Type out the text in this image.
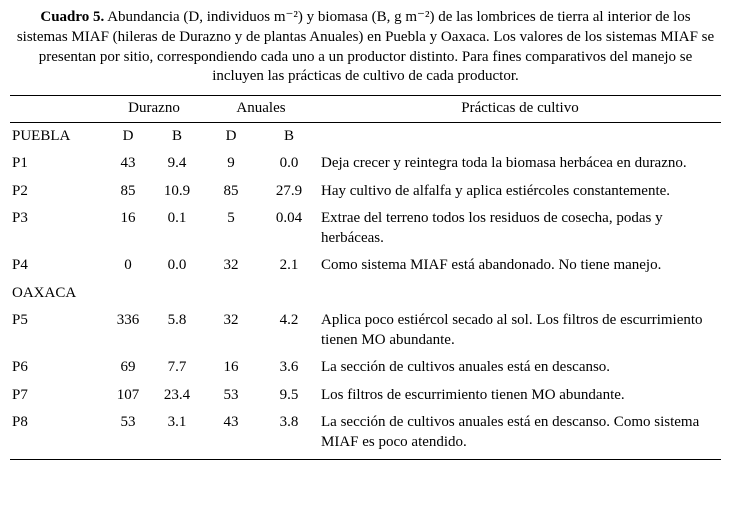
Cuadro 5. Abundancia (D, individuos m⁻²) y biomasa (B, g m⁻²) de las lombrices de tierra al interior de los sistemas MIAF (hileras de Durazno y de plantas Anuales) en Puebla y Oaxaca. Los valores de los sistemas MIAF se presentan por sitio, correspondiendo cada uno a un productor distinto. Para fines comparativos del manejo se incluyen las prácticas de cultivo de cada productor.

	Durazno		Anuales		Prácticas de cultivo
PUEBLA	D	B	D	B	
P1	43	9.4	9	0.0	Deja crecer y reintegra toda la biomasa herbácea en durazno.
P2	85	10.9	85	27.9	Hay cultivo de alfalfa y aplica estiércoles constantemente.
P3	16	0.1	5	0.04	Extrae del terreno todos los residuos de cosecha, podas y herbáceas.
P4	0	0.0	32	2.1	Como sistema MIAF está abandonado. No tiene manejo.
OAXACA					
P5	336	5.8	32	4.2	Aplica poco estiércol secado al sol. Los filtros de escurrimiento tienen MO abundante.
P6	69	7.7	16	3.6	La sección de cultivos anuales está en descanso.
P7	107	23.4	53	9.5	Los filtros de escurrimiento tienen MO abundante.
P8	53	3.1	43	3.8	La sección de cultivos anuales está en descanso. Como sistema MIAF es poco atendido.
